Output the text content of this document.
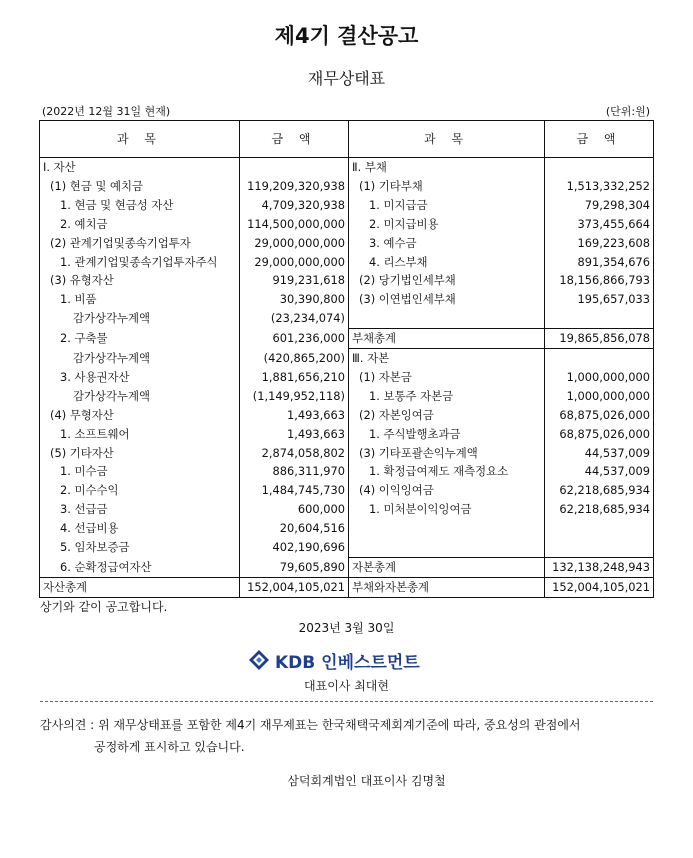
제4기 결산공고
재무상태표
(2022년 12월 31일 현재)	(단위:원)
과 목	금 액	과 목	금 액
Ⅰ. 자산		Ⅱ. 부채	
(1) 현금 및 예치금	119,209,320,938	(1) 기타부채	1,513,332,252
1. 현금 및 현금성 자산	4,709,320,938	1. 미지급금	79,298,304
2. 예치금	114,500,000,000	2. 미지급비용	373,455,664
(2) 관계기업및종속기업투자	29,000,000,000	3. 예수금	169,223,608
1. 관계기업및종속기업투자주식	29,000,000,000	4. 리스부채	891,354,676
(3) 유형자산	919,231,618	(2) 당기법인세부채	18,156,866,793
1. 비품	30,390,800	(3) 이연법인세부채	195,657,033
감가상각누계액	(23,234,074)		
2. 구축물	601,236,000	부채총계	19,865,856,078
감가상각누계액	(420,865,200)	Ⅲ. 자본	
3. 사용권자산	1,881,656,210	(1) 자본금	1,000,000,000
감가상각누계액	(1,149,952,118)	1. 보통주 자본금	1,000,000,000
(4) 무형자산	1,493,663	(2) 자본잉여금	68,875,026,000
1. 소프트웨어	1,493,663	1. 주식발행초과금	68,875,026,000
(5) 기타자산	2,874,058,802	(3) 기타포괄손익누계액	44,537,009
1. 미수금	886,311,970	1. 확정급여제도 재측정요소	44,537,009
2. 미수수익	1,484,745,730	(4) 이익잉여금	62,218,685,934
3. 선급금	600,000	1. 미처분이익잉여금	62,218,685,934
4. 선급비용	20,604,516		
5. 임차보증금	402,190,696		
6. 순확정급여자산	79,605,890	자본총계	132,138,248,943
자산총계	152,004,105,021	부채와자본총계	152,004,105,021
상기와 같이 공고합니다.
2023년 3월 30일
KDB 인베스트먼트
대표이사 최대현
감사의견 : 위 재무상태표를 포함한 제4기 재무제표는 한국채택국제회계기준에 따라, 중요성의 관점에서
공정하게 표시하고 있습니다.
삼덕회계법인 대표이사 김명철
